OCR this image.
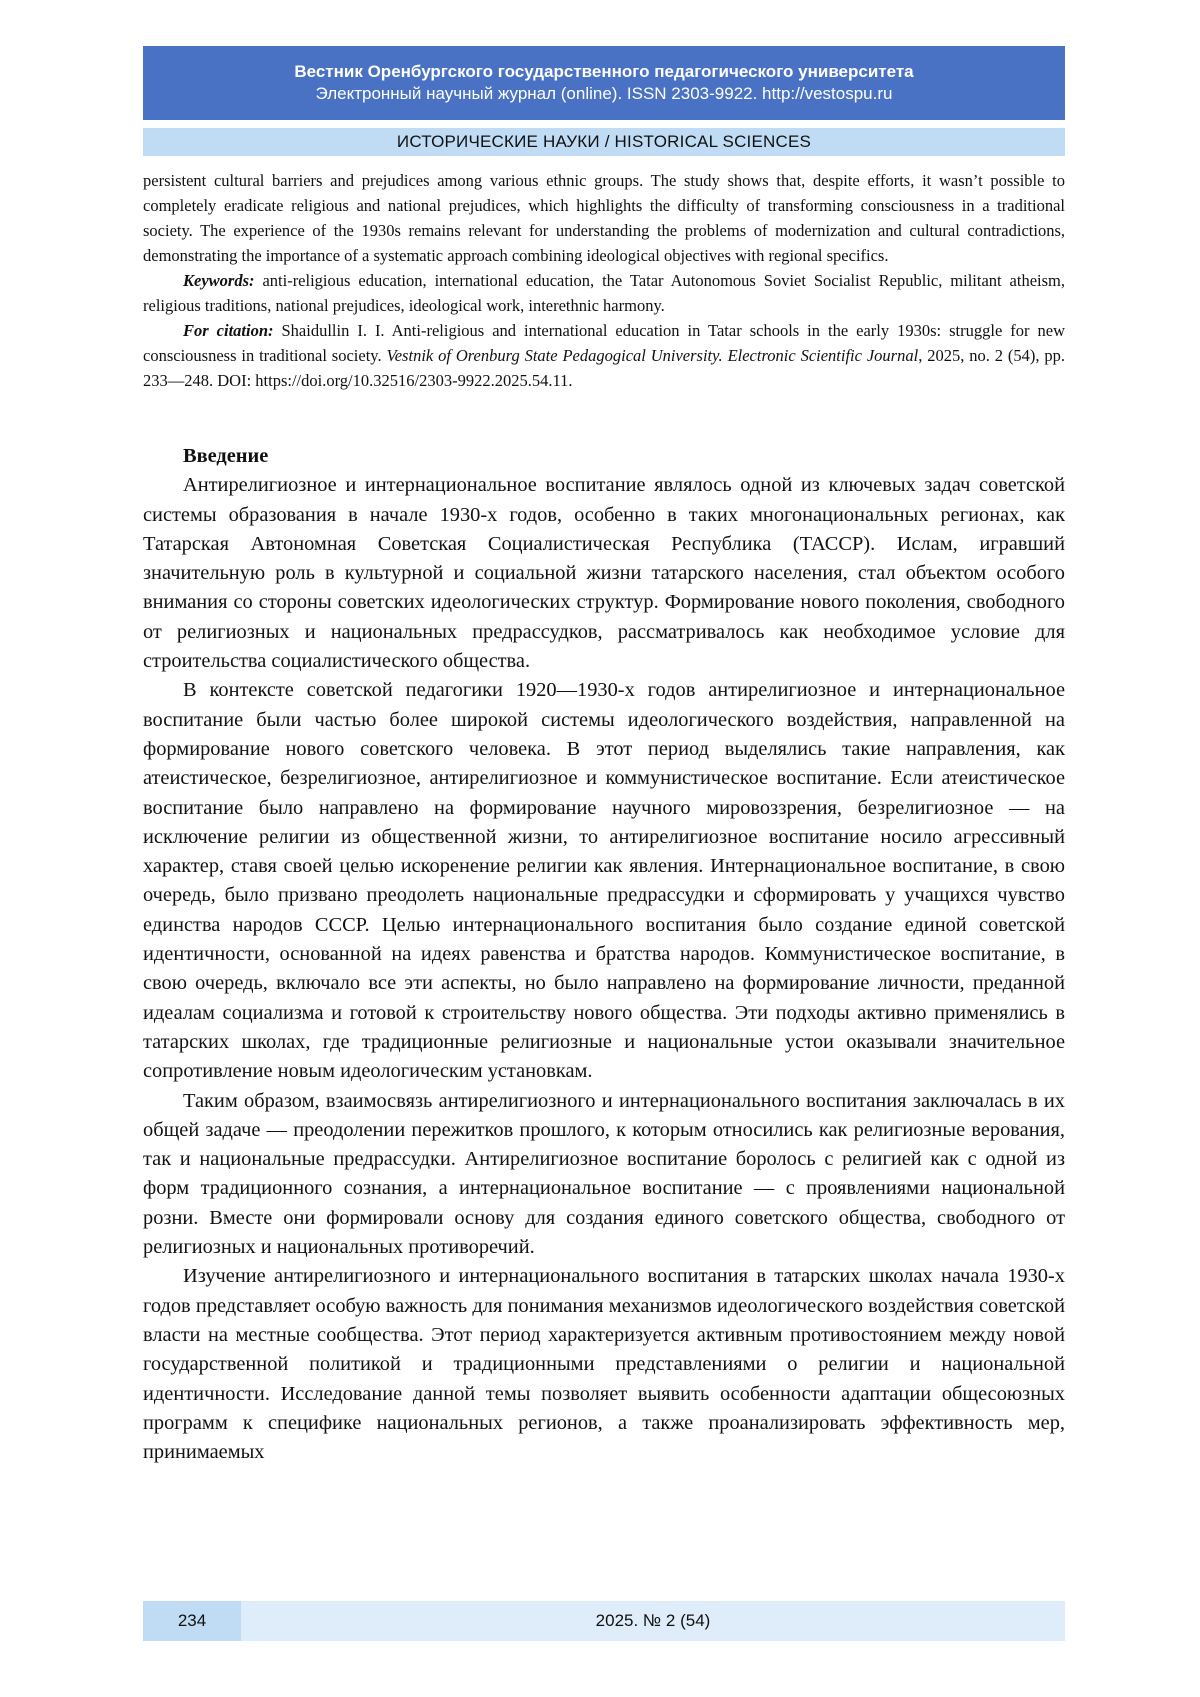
Вестник Оренбургского государственного педагогического университета
Электронный научный журнал (online). ISSN 2303-9922. http://vestospu.ru
ИСТОРИЧЕСКИЕ НАУКИ / HISTORICAL SCIENCES

persistent cultural barriers and prejudices among various ethnic groups. The study shows that, despite efforts, it wasn’t possible to completely eradicate religious and national prejudices, which highlights the difficulty of transforming consciousness in a traditional society. The experience of the 1930s remains relevant for understanding the problems of modernization and cultural contradictions, demonstrating the importance of a systematic approach combining ideological objectives with regional specifics.

Keywords: anti-religious education, international education, the Tatar Autonomous Soviet Socialist Republic, militant atheism, religious traditions, national prejudices, ideological work, interethnic harmony.

For citation: Shaidullin I. I. Anti-religious and international education in Tatar schools in the early 1930s: struggle for new consciousness in traditional society. Vestnik of Orenburg State Pedagogical University. Electronic Scientific Journal, 2025, no. 2 (54), pp. 233—248. DOI: https://doi.org/10.32516/2303-9922.2025.54.11.

Введение

Антирелигиозное и интернациональное воспитание являлось одной из ключевых задач советской системы образования в начале 1930-х годов, особенно в таких многонациональных регионах, как Татарская Автономная Советская Социалистическая Республика (ТАССР). Ислам, игравший значительную роль в культурной и социальной жизни татарского населения, стал объектом особого внимания со стороны советских идеологических структур. Формирование нового поколения, свободного от религиозных и национальных предрассудков, рассматривалось как необходимое условие для строительства социалистического общества.

В контексте советской педагогики 1920—1930-х годов антирелигиозное и интернациональное воспитание были частью более широкой системы идеологического воздействия, направленной на формирование нового советского человека. В этот период выделялись такие направления, как атеистическое, безрелигиозное, антирелигиозное и коммунистическое воспитание. Если атеистическое воспитание было направлено на формирование научного мировоззрения, безрелигиозное — на исключение религии из общественной жизни, то антирелигиозное воспитание носило агрессивный характер, ставя своей целью искоренение религии как явления. Интернациональное воспитание, в свою очередь, было призвано преодолеть национальные предрассудки и сформировать у учащихся чувство единства народов СССР. Целью интернационального воспитания было создание единой советской идентичности, основанной на идеях равенства и братства народов. Коммунистическое воспитание, в свою очередь, включало все эти аспекты, но было направлено на формирование личности, преданной идеалам социализма и готовой к строительству нового общества. Эти подходы активно применялись в татарских школах, где традиционные религиозные и национальные устои оказывали значительное сопротивление новым идеологическим установкам.

Таким образом, взаимосвязь антирелигиозного и интернационального воспитания заключалась в их общей задаче — преодолении пережитков прошлого, к которым относились как религиозные верования, так и национальные предрассудки. Антирелигиозное воспитание боролось с религией как с одной из форм традиционного сознания, а интернациональное воспитание — с проявлениями национальной розни. Вместе они формировали основу для создания единого советского общества, свободного от религиозных и национальных противоречий.

Изучение антирелигиозного и интернационального воспитания в татарских школах начала 1930-х годов представляет особую важность для понимания механизмов идеологического воздействия советской власти на местные сообщества. Этот период характеризуется активным противостоянием между новой государственной политикой и традиционными представлениями о религии и национальной идентичности. Исследование данной темы позволяет выявить особенности адаптации общесоюзных программ к специфике национальных регионов, а также проанализировать эффективность мер, принимаемых

234	2025. № 2 (54)
